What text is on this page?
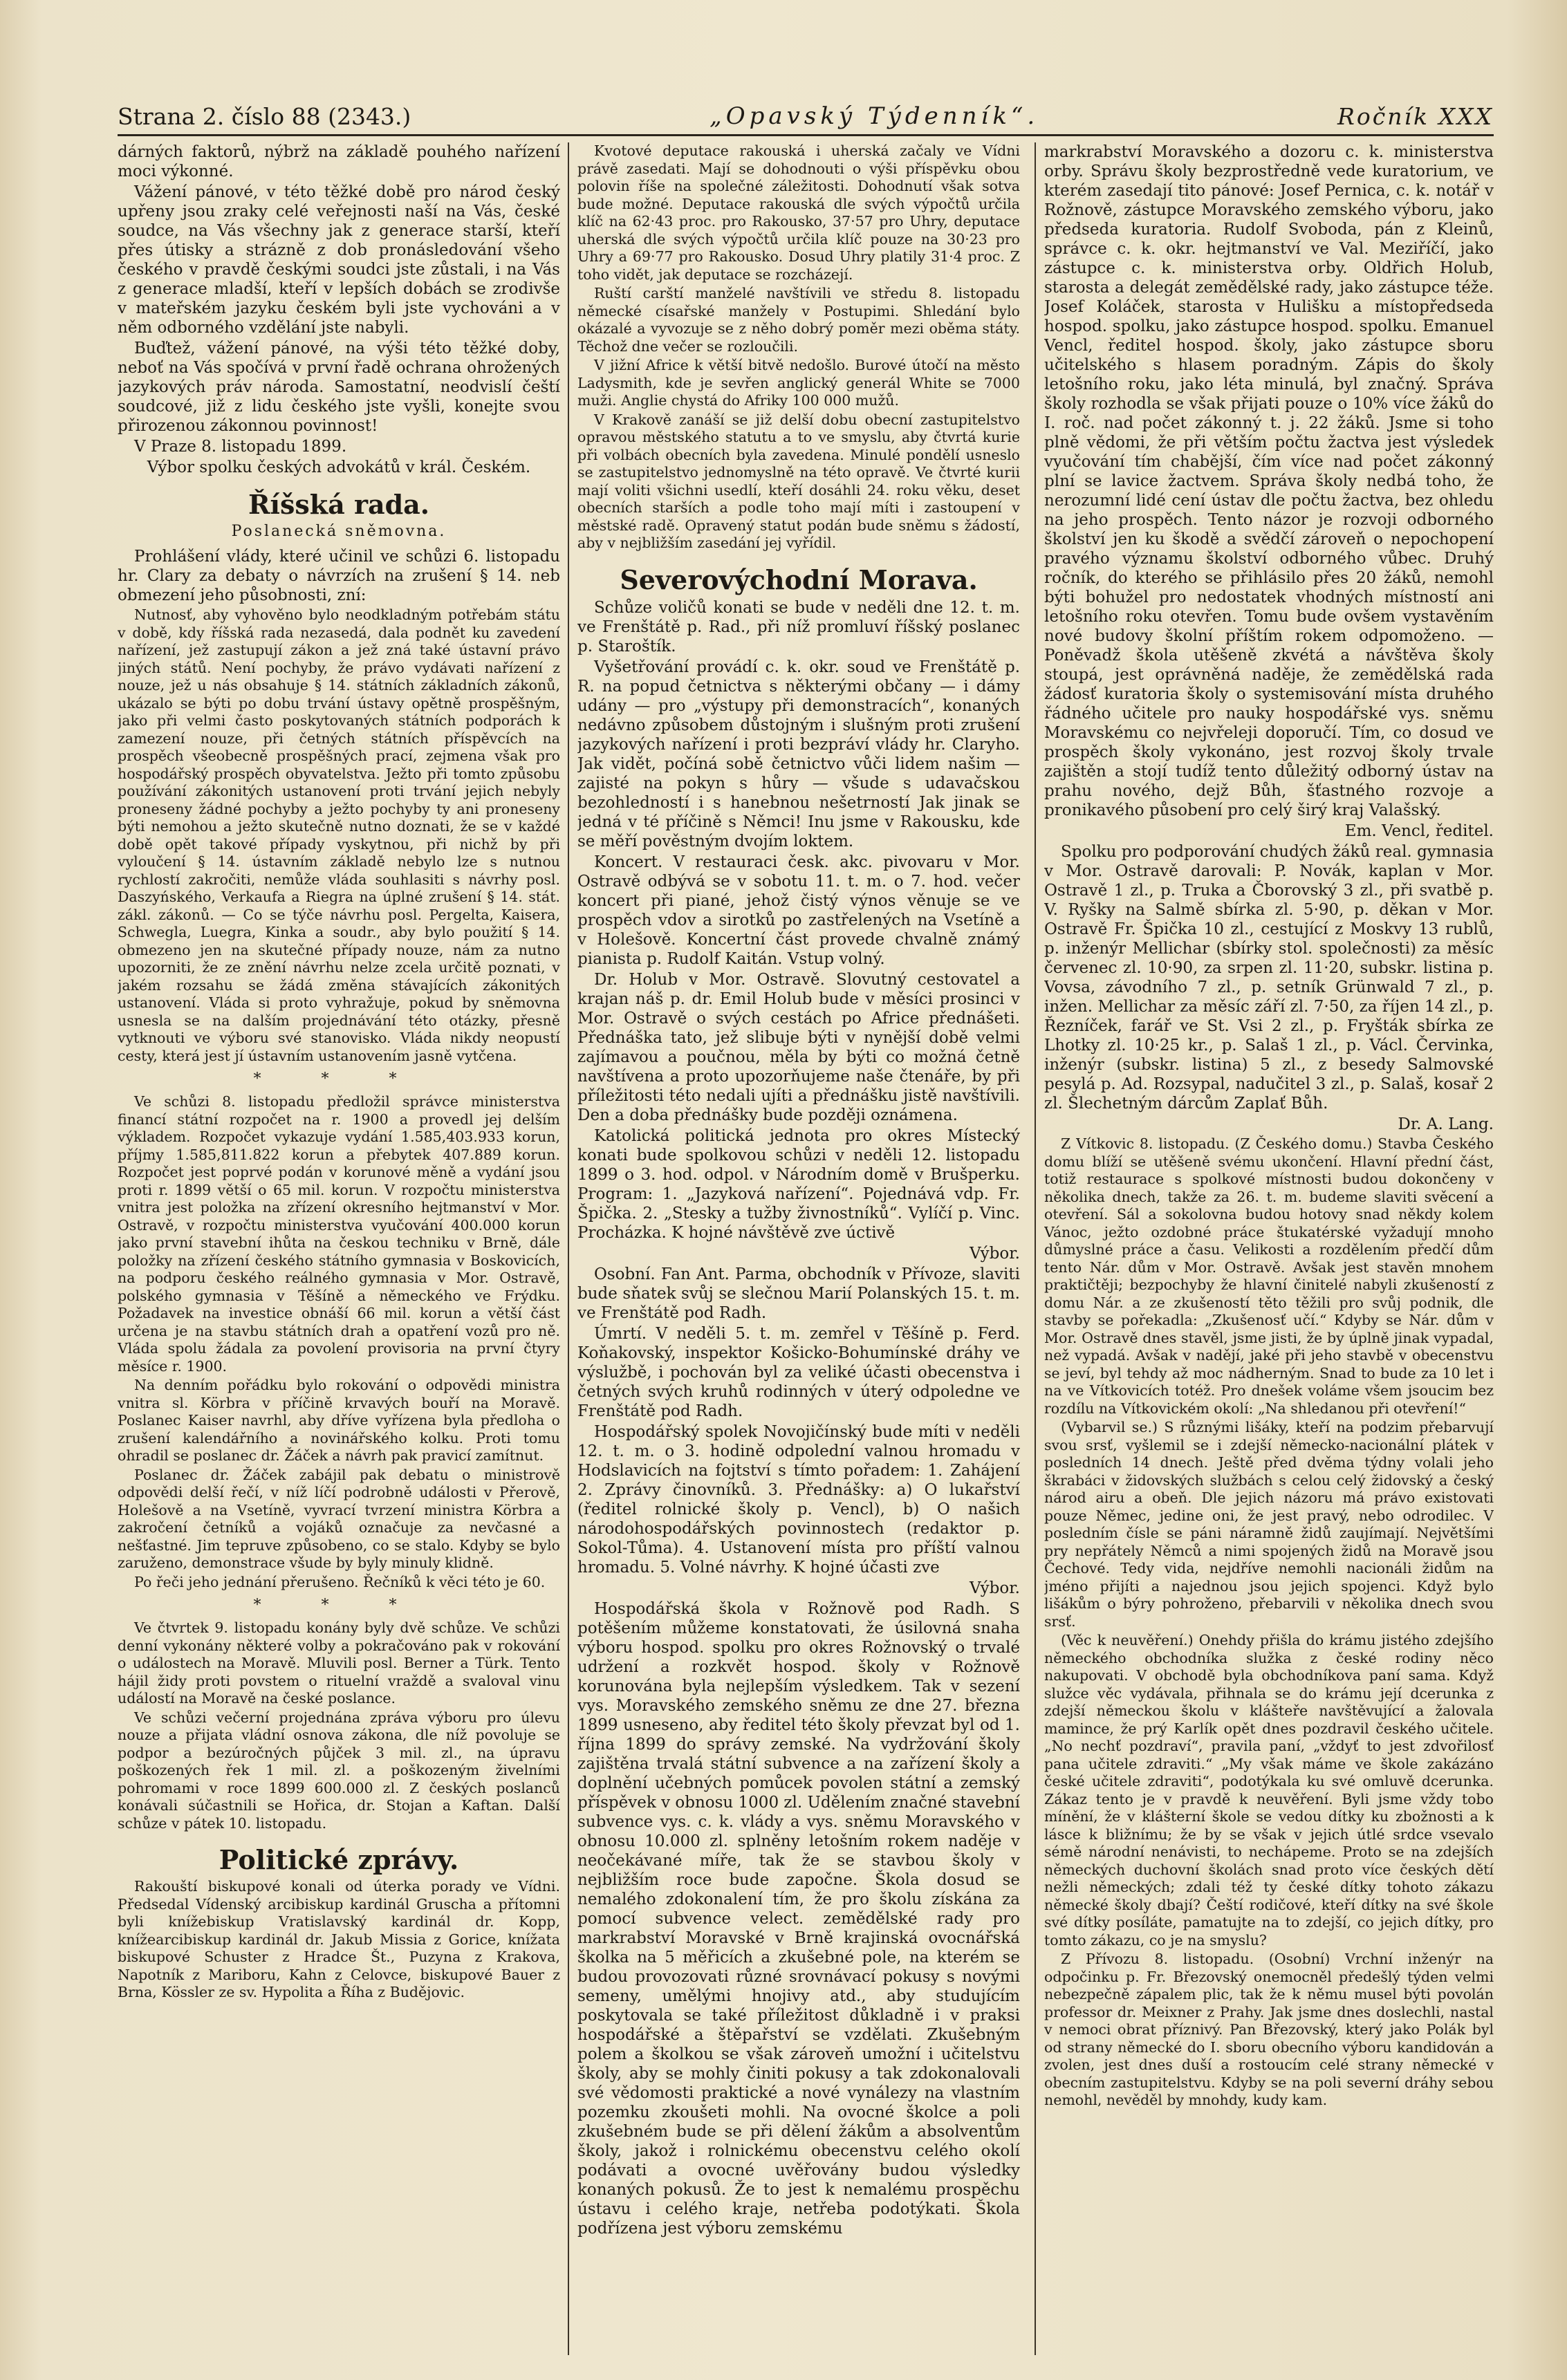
Strana 2. číslo 88 (2343.)	„Opavský Týdenník“.	Ročník XXX

dárných faktorů, nýbrž na základě pouhého nařízení moci výkonné.

Vážení pánové, v této těžké době pro národ český upřeny jsou zraky celé veřejnosti naší na Vás, české soudce, na Vás všechny jak z generace starší, kteří přes útisky a strázně z dob pronásledování všeho českého v pravdě českými soudci jste zůstali, i na Vás z generace mladší, kteří v lepších dobách se zrodivše v mateřském jazyku českém byli jste vychováni a v něm odborného vzdělání jste nabyli.

Buďtež, vážení pánové, na výši této těžké doby, neboť na Vás spočívá v první řadě ochrana ohrožených jazykových práv národa. Samostatní, neodvislí čeští soudcové, již z lidu českého jste vyšli, konejte svou přirozenou zákonnou povinnost!

V Praze 8. listopadu 1899.

Výbor spolku českých advokátů v král. Českém.

Říšská rada.
Poslanecká sněmovna.

Prohlášení vlády, které učinil ve schůzi 6. listopadu hr. Clary za debaty o návrzích na zrušení § 14. neb obmezení jeho působnosti, zní:

Nutnosť, aby vyhověno bylo neodkladným potřebám státu v době, kdy říšská rada nezasedá, dala podnět ku zavedení nařízení, jež zastupují zákon a jež zná také ústavní právo jiných států. Není pochyby, že právo vydávati nařízení z nouze, jež u nás obsahuje § 14. státních základních zákonů, ukázalo se býti po dobu trvání ústavy opětně prospěšným, jako při velmi často poskytovaných státních podporách k zamezení nouze, při četných státních příspěvcích na prospěch všeobecně prospěšných prací, zejmena však pro hospodářský prospěch obyvatelstva. Ježto při tomto způsobu používání zákonitých ustanovení proti trvání jejich nebyly proneseny žádné pochyby a ježto pochyby ty ani proneseny býti nemohou a ježto skutečně nutno doznati, že se v každé době opět takové případy vyskytnou, při nichž by při vyloučení § 14. ústavním základě nebylo lze s nutnou rychlostí zakročiti, nemůže vláda souhlasiti s návrhy posl. Daszyńského, Verkaufa a Riegra na úplné zrušení § 14. stát. zákl. zákonů. — Co se týče návrhu posl. Pergelta, Kaisera, Schwegla, Luegra, Kinka a soudr., aby bylo použití § 14. obmezeno jen na skutečné případy nouze, nám za nutno upozorniti, že ze znění návrhu nelze zcela určitě poznati, v jakém rozsahu se žádá změna stávajících zákonitých ustanovení. Vláda si proto vyhražuje, pokud by sněmovna usnesla se na dalším projednávání této otázky, přesně vytknouti ve výboru své stanovisko. Vláda nikdy neopustí cesty, která jest jí ústavním ustanovením jasně vytčena.

* * *

Ve schůzi 8. listopadu předložil správce ministerstva financí státní rozpočet na r. 1900 a provedl jej delším výkladem. Rozpočet vykazuje vydání 1.585,403.933 korun, příjmy 1.585,811.822 korun a přebytek 407.889 korun. Rozpočet jest poprvé podán v korunové měně a vydání jsou proti r. 1899 větší o 65 mil. korun. V rozpočtu ministerstva vnitra jest položka na zřízení okresního hejtmanství v Mor. Ostravě, v rozpočtu ministerstva vyučování 400.000 korun jako první stavební ihůta na českou techniku v Brně, dále položky na zřízení českého státního gymnasia v Boskovicích, na podporu českého reálného gymnasia v Mor. Ostravě, polského gymnasia v Těšíně a německého ve Frýdku. Požadavek na investice obnáší 66 mil. korun a větší část určena je na stavbu státních drah a opatření vozů pro ně. Vláda spolu žádala za povolení provisoria na první čtyry měsíce r. 1900.

Na denním pořádku bylo rokování o odpovědi ministra vnitra sl. Körbra v příčině krvavých bouří na Moravě. Poslanec Kaiser navrhl, aby dříve vyřízena byla předloha o zrušení kalendářního a novinářského kolku. Proti tomu ohradil se poslanec dr. Žáček a návrh pak pravicí zamítnut.

Poslanec dr. Žáček zabájil pak debatu o ministrově odpovědi delší řečí, v níž líčí podrobně události v Přerově, Holešově a na Vsetíně, vyvrací tvrzení ministra Körbra a zakročení četníků a vojáků označuje za nevčasné a nešťastné. Jim tepruve způsobeno, co se stalo. Kdyby se bylo zaruženo, demonstrace všude by byly minuly klidně.

Po řeči jeho jednání přerušeno. Řečníků k věci této je 60.

* * *

Ve čtvrtek 9. listopadu konány byly dvě schůze. Ve schůzi denní vykonány některé volby a pokračováno pak v rokování o událostech na Moravě. Mluvili posl. Berner a Türk. Tento hájil židy proti povstem o rituelní vraždě a svaloval vinu událostí na Moravě na české poslance.

Ve schůzi večerní projednána zpráva výboru pro úlevu nouze a přijata vládní osnova zákona, dle níž povoluje se podpor a bezúročných půjček 3 mil. zl., na úpravu poškozených řek 1 mil. zl. a poškozeným živelními pohromami v roce 1899 600.000 zl. Z českých poslanců konávali súčastnili se Hořica, dr. Stojan a Kaftan. Další schůze v pátek 10. listopadu.

Politické zprávy.

Rakouští biskupové konali od úterka porady ve Vídni. Předsedal Vídenský arcibiskup kardinál Gruscha a přítomni byli knížebiskup Vratislavský kardinál dr. Kopp, knížearcibiskup kardinál dr. Jakub Missia z Gorice, knížata biskupové Schuster z Hradce Št., Puzyna z Krakova, Napotník z Mariboru, Kahn z Celovce, biskupové Bauer z Brna, Kössler ze sv. Hypolita a Říha z Budějovic.

Kvotové deputace rakouská i uherská začaly ve Vídni právě zasedati. Mají se dohodnouti o výši příspěvku obou polovin říše na společné záležitosti. Dohodnutí však sotva bude možné. Deputace rakouská dle svých výpočtů určila klíč na 62·43 proc. pro Rakousko, 37·57 pro Uhry, deputace uherská dle svých výpočtů určila klíč pouze na 30·23 pro Uhry a 69·77 pro Rakousko. Dosud Uhry platily 31·4 proc. Z toho vidět, jak deputace se rozcházejí.

Ruští carští manželé navštívili ve středu 8. listopadu německé císařské manžely v Postupimi. Shledání bylo okázalé a vyvozuje se z něho dobrý poměr mezi oběma státy. Těchož dne večer se rozloučili.

V jižní Africe k větší bitvě nedošlo. Burové útočí na město Ladysmith, kde je sevřen anglický generál White se 7000 muži. Anglie chystá do Afriky 100 000 mužů.

V Krakově zanáší se již delší dobu obecní zastupitelstvo opravou městského statutu a to ve smyslu, aby čtvrtá kurie při volbách obecních byla zavedena. Minulé pondělí usneslo se zastupitelstvo jednomyslně na této opravě. Ve čtvrté kurii mají voliti všichni usedlí, kteří dosáhli 24. roku věku, deset obecních starších a podle toho mají míti i zastoupení v městské radě. Opravený statut podán bude sněmu s žádostí, aby v nejbližším zasedání jej vyřídil.

Severovýchodní Morava.

Schůze voličů konati se bude v neděli dne 12. t. m. ve Frenštátě p. Rad., při níž promluví říšský poslanec p. Staroštík.

Vyšetřování provádí c. k. okr. soud ve Frenštátě p. R. na popud četnictva s některými občany — i dámy udány — pro „výstupy při demonstracích“, konaných nedávno způsobem důstojným i slušným proti zrušení jazykových nařízení i proti bezpráví vlády hr. Claryho. Jak vidět, počíná sobě četnictvo vůči lidem našim — zajisté na pokyn s hůry — všude s udavačskou bezohledností i s hanebnou nešetrností Jak jinak se jedná v té příčině s Němci! Inu jsme v Rakousku, kde se měří pověstným dvojím loktem.

Koncert. V restauraci česk. akc. pivovaru v Mor. Ostravě odbývá se v sobotu 11. t. m. o 7. hod. večer koncert při piané, jehož čistý výnos věnuje se ve prospěch vdov a sirotků po zastřelených na Vsetíně a v Holešově. Koncertní část provede chvalně známý pianista p. Rudolf Kaitán. Vstup volný.

Dr. Holub v Mor. Ostravě. Slovutný cestovatel a krajan náš p. dr. Emil Holub bude v měsíci prosinci v Mor. Ostravě o svých cestách po Africe přednášeti. Přednáška tato, jež slibuje býti v nynější době velmi zajímavou a poučnou, měla by býti co možná četně navštívena a proto upozorňujeme naše čtenáře, by při příležitosti této nedali ujíti a přednášku jistě navštívili. Den a doba přednášky bude později oznámena.

Katolická politická jednota pro okres Místecký konati bude spolkovou schůzi v neděli 12. listopadu 1899 o 3. hod. odpol. v Národním domě v Brušperku. Program: 1. „Jazyková nařízení“. Pojednává vdp. Fr. Špička. 2. „Stesky a tužby živnostníků“. Vylíčí p. Vinc. Procházka. K hojné návštěvě zve úctivě

Výbor.

Osobní. Fan Ant. Parma, obchodník v Přívoze, slaviti bude sňatek svůj se slečnou Marií Polanských 15. t. m. ve Frenštátě pod Radh.

Úmrtí. V neděli 5. t. m. zemřel v Těšíně p. Ferd. Koňakovský, inspektor Košicko-Bohumínské dráhy ve výslužbě, i pochován byl za veliké účasti obecenstva i četných svých kruhů rodinných v úterý odpoledne ve Frenštátě pod Radh.

Hospodářský spolek Novojičínský bude míti v neděli 12. t. m. o 3. hodině odpolední valnou hromadu v Hodslavicích na fojtství s tímto pořadem: 1. Zahájení 2. Zprávy činovníků. 3. Přednášky: a) O lukařství (ředitel rolnické školy p. Vencl), b) O našich národohospodářských povinnostech (redaktor p. Sokol-Tůma). 4. Ustanovení místa pro příští valnou hromadu. 5. Volné návrhy. K hojné účasti zve

Výbor.

Hospodářská škola v Rožnově pod Radh. S potěšením můžeme konstatovati, že úsilovná snaha výboru hospod. spolku pro okres Rožnovský o trvalé udržení a rozkvět hospod. školy v Rožnově korunována byla nejlepším výsledkem. Tak v sezení vys. Moravského zemského sněmu ze dne 27. března 1899 usneseno, aby ředitel této školy převzat byl od 1. října 1899 do správy zemské. Na vydržování školy zajištěna trvalá státní subvence a na zařízení školy a doplnění učebných pomůcek povolen státní a zemský příspěvek v obnosu 1000 zl. Udělením značné stavební subvence vys. c. k. vlády a vys. sněmu Moravského v obnosu 10.000 zl. splněny letošním rokem naděje v neočekávané míře, tak že se stavbou školy v nejbližším roce bude započne. Škola dosud se nemalého zdokonalení tím, že pro školu získána za pomocí subvence velect. zemědělské rady pro markrabství Moravské v Brně krajinská ovocnářská školka na 5 měřicích a zkušebné pole, na kterém se budou provozovati různé srovnávací pokusy s novými semeny, umělými hnojivy atd., aby studujícím poskytovala se také příležitost důkladně i v praksi hospodářské a štěpařství se vzdělati. Zkušebným polem a školkou se však zároveň umožní i učitelstvu školy, aby se mohly činiti pokusy a tak zdokonalovali své vědomosti praktické a nové vynálezy na vlastním pozemku zkoušeti mohli. Na ovocné školce a poli zkušebném bude se při dělení žákům a absolventům školy, jakož i rolnickému obecenstvu celého okolí podávati a ovocné uvěřovány budou výsledky konaných pokusů. Že to jest k nemalému prospěchu ústavu i celého kraje, netřeba podotýkati. Škola podřízena jest výboru zemskému

markrabství Moravského a dozoru c. k. ministerstva orby. Správu školy bezprostředně vede kuratorium, ve kterém zasedají tito pánové: Josef Pernica, c. k. notář v Rožnově, zástupce Moravského zemského výboru, jako předseda kuratoria. Rudolf Svoboda, pán z Kleinů, správce c. k. okr. hejtmanství ve Val. Meziříčí, jako zástupce c. k. ministerstva orby. Oldřich Holub, starosta a delegát zemědělské rady, jako zástupce téže. Josef Koláček, starosta v Hulišku a místopředseda hospod. spolku, jako zástupce hospod. spolku. Emanuel Vencl, ředitel hospod. školy, jako zástupce sboru učitelského s hlasem poradným. Zápis do školy letošního roku, jako léta minulá, byl značný. Správa školy rozhodla se však přijati pouze o 10% více žáků do I. roč. nad počet zákonný t. j. 22 žáků. Jsme si toho plně vědomi, že při větším počtu žactva jest výsledek vyučování tím chabější, čím více nad počet zákonný plní se lavice žactvem. Správa školy nedbá toho, že nerozumní lidé cení ústav dle počtu žactva, bez ohledu na jeho prospěch. Tento názor je rozvoji odborného školství jen ku škodě a svědčí zároveň o nepochopení pravého významu školství odborného vůbec. Druhý ročník, do kterého se přihlásilo přes 20 žáků, nemohl býti bohužel pro nedostatek vhodných místností ani letošního roku otevřen. Tomu bude ovšem vystavěním nové budovy školní příštím rokem odpomoženo. — Poněvadž škola utěšeně zkvétá a návštěva školy stoupá, jest oprávněná naděje, že zemědělská rada žádosť kuratoria školy o systemisování místa druhého řádného učitele pro nauky hospodářské vys. sněmu Moravskému co nejvřeleji doporučí. Tím, co dosud ve prospěch školy vykonáno, jest rozvoj školy trvale zajištěn a stojí tudíž tento důležitý odborný ústav na prahu nového, dejž Bůh, šťastného rozvoje a pronikavého působení pro celý širý kraj Valašský.

Em. Vencl, ředitel.

Spolku pro podporování chudých žáků real. gymnasia v Mor. Ostravě darovali: P. Novák, kaplan v Mor. Ostravě 1 zl., p. Truka a Čborovský 3 zl., při svatbě p. V. Ryšky na Salmě sbírka zl. 5·90, p. děkan v Mor. Ostravě Fr. Špička 10 zl., cestující z Moskvy 13 rublů, p. inženýr Mellichar (sbírky stol. společnosti) za měsíc červenec zl. 10·90, za srpen zl. 11·20, subskr. listina p. Vovsa, závodního 7 zl., p. setník Grünwald 7 zl., p. inžen. Mellichar za měsíc září zl. 7·50, za říjen 14 zl., p. Řezníček, farář ve St. Vsi 2 zl., p. Fryšták sbírka ze Lhotky zl. 10·25 kr., p. Salaš 1 zl., p. Václ. Červinka, inženýr (subskr. listina) 5 zl., z besedy Salmovské pesylá p. Ad. Rozsypal, nadučitel 3 zl., p. Salaš, kosař 2 zl. Šlechetným dárcům Zaplať Bůh.

Dr. A. Lang.

Z Vítkovic 8. listopadu. (Z Českého domu.) Stavba Českého domu blíží se utěšeně svému ukončení. Hlavní přední část, totiž restaurace s spolkové místnosti budou dokončeny v několika dnech, takže za 26. t. m. budeme slaviti svěcení a otevření. Sál a sokolovna budou hotovy snad někdy kolem Vánoc, ježto ozdobné práce štukatérské vyžadují mnoho důmyslné práce a času. Velikosti a rozdělením předčí dům tento Nár. dům v Mor. Ostravě. Avšak jest stavěn mnohem praktičtěji; bezpochyby že hlavní činitelé nabyli zkušeností z domu Nár. a ze zkušeností těto těžili pro svůj podnik, dle stavby se pořekadla: „Zkušenosť učí.“ Kdyby se Nár. dům v Mor. Ostravě dnes stavěl, jsme jisti, že by úplně jinak vypadal, než vypadá. Avšak v nadějí, jaké při jeho stavbě v obecenstvu se jeví, byl tehdy až moc nádherným. Snad to bude za 10 let i na ve Vítkovicích totéž. Pro dnešek voláme všem jsoucim bez rozdílu na Vítkovickém okolí: „Na shledanou při otevření!“

(Vybarvil se.) S různými lišáky, kteří na podzim přebarvují svou srsť, vyšlemil se i zdejší německo-nacionální plátek v posledních 14 dnech. Ještě před dvěma týdny volali jeho škrabáci v židovských službách s celou celý židovský a český národ airu a obeň. Dle jejich názoru má právo existovati pouze Němec, jedine oni, že jest pravý, nebo odrodilec. V posledním čísle se páni náramně židů zaujímají. Největšími pry nepřátely Němců a nimi spojených židů na Moravě jsou Čechové. Tedy vida, nejdříve nemohli nacionáli židům na jméno přijíti a najednou jsou jejich spojenci. Když bylo lišákům o býry pohroženo, přebarvili v několika dnech svou srsť.

(Věc k neuvěření.) Onehdy přišla do krámu jistého zdejšího německého obchodníka služka z české rodiny něco nakupovati. V obchodě byla obchodníkova paní sama. Když služce věc vydávala, přihnala se do krámu její dcerunka z zdejší německou školu v klášteře navštěvující a žalovala mamince, že prý Karlík opět dnes pozdravil českého učitele. „No nechť pozdraví“, pravila paní, „vždyť to jest zdvořilosť pana učitele zdraviti.“ „My však máme ve škole zakázáno české učitele zdraviti“, podotýkala ku své omluvě dcerunka. Zákaz tento je v pravdě k neuvěření. Byli jsme vždy tobo mínění, že v klášterní škole se vedou dítky ku zbožnosti a k lásce k bližnímu; že by se však v jejich útlé srdce vsevalo sémě národní nenávisti, to nechápeme. Proto se na zdejších německých duchovní školách snad proto více českých dětí nežli německých; zdali též ty české dítky tohoto zákazu německé školy dbají? Čeští rodičové, kteří dítky na své škole své dítky posíláte, pamatujte na to zdejší, co jejich dítky, pro tomto zákazu, co je na smyslu?

Z Přívozu 8. listopadu. (Osobní) Vrchní inženýr na odpočinku p. Fr. Březovský onemocněl předešlý týden velmi nebezpečně zápalem plic, tak že k němu musel býti povolán professor dr. Meixner z Prahy. Jak jsme dnes doslechli, nastal v nemoci obrat příznivý. Pan Březovský, který jako Polák byl od strany německé do I. sboru obecního výboru kandidován a zvolen, jest dnes duší a rostoucím celé strany německé v obecním zastupitelstvu. Kdyby se na poli severní dráhy sebou nemohl, nevěděl by mnohdy, kudy kam.
